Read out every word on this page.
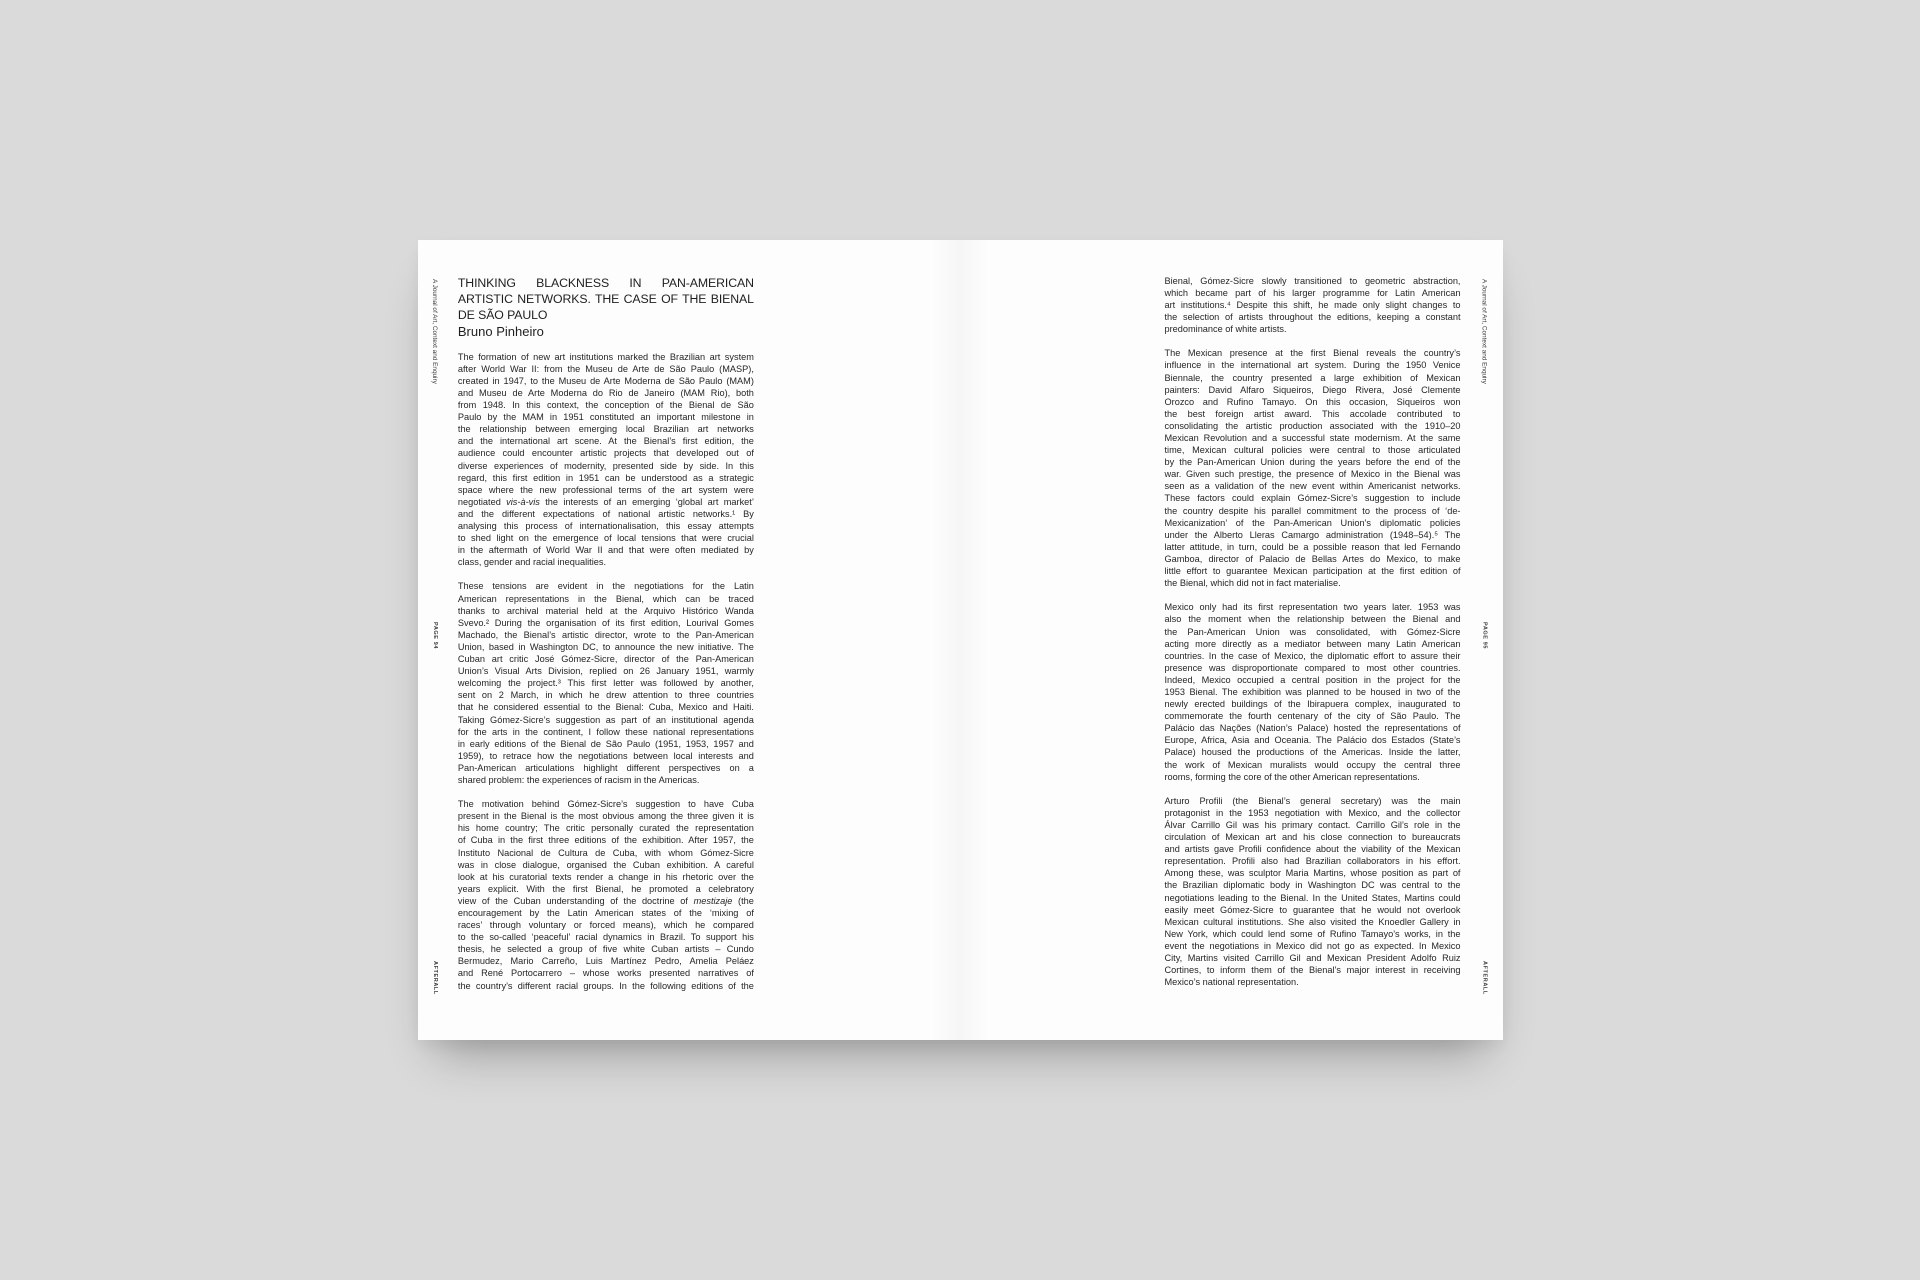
A Journal of Art, Context and Enquiry
PAGE 94
AFTERALL
THINKING BLACKNESS IN PAN-AMERICAN
ARTISTIC NETWORKS. THE CASE OF THE BIENAL
DE SÃO PAULO
Bruno Pinheiro
The formation of new art institutions marked the Brazilian art system
after World War II: from the Museu de Arte de São Paulo (MASP),
created in 1947, to the Museu de Arte Moderna de São Paulo (MAM)
and Museu de Arte Moderna do Rio de Janeiro (MAM Rio), both
from 1948. In this context, the conception of the Bienal de São
Paulo by the MAM in 1951 constituted an important milestone in
the relationship between emerging local Brazilian art networks
and the international art scene. At the Bienal’s first edition, the
audience could encounter artistic projects that developed out of
diverse experiences of modernity, presented side by side. In this
regard, this first edition in 1951 can be understood as a strategic
space where the new professional terms of the art system were
negotiated vis-à-vis the interests of an emerging ‘global art market’
and the different expectations of national artistic networks.¹ By
analysing this process of internationalisation, this essay attempts
to shed light on the emergence of local tensions that were crucial
in the aftermath of World War II and that were often mediated by
class, gender and racial inequalities.
These tensions are evident in the negotiations for the Latin
American representations in the Bienal, which can be traced
thanks to archival material held at the Arquivo Histórico Wanda
Svevo.² During the organisation of its first edition, Lourival Gomes
Machado, the Bienal’s artistic director, wrote to the Pan-American
Union, based in Washington DC, to announce the new initiative. The
Cuban art critic José Gómez-Sicre, director of the Pan-American
Union’s Visual Arts Division, replied on 26 January 1951, warmly
welcoming the project.³ This first letter was followed by another,
sent on 2 March, in which he drew attention to three countries
that he considered essential to the Bienal: Cuba, Mexico and Haiti.
Taking Gómez-Sicre’s suggestion as part of an institutional agenda
for the arts in the continent, I follow these national representations
in early editions of the Bienal de São Paulo (1951, 1953, 1957 and
1959), to retrace how the negotiations between local interests and
Pan-American articulations highlight different perspectives on a
shared problem: the experiences of racism in the Americas.
The motivation behind Gómez-Sicre’s suggestion to have Cuba
present in the Bienal is the most obvious among the three given it is
his home country; The critic personally curated the representation
of Cuba in the first three editions of the exhibition. After 1957, the
Instituto Nacional de Cultura de Cuba, with whom Gómez-Sicre
was in close dialogue, organised the Cuban exhibition. A careful
look at his curatorial texts render a change in his rhetoric over the
years explicit. With the first Bienal, he promoted a celebratory
view of the Cuban understanding of the doctrine of mestizaje (the
encouragement by the Latin American states of the ‘mixing of
races’ through voluntary or forced means), which he compared
to the so-called ‘peaceful’ racial dynamics in Brazil. To support his
thesis, he selected a group of five white Cuban artists – Cundo
Bermudez, Mario Carreño, Luis Martínez Pedro, Amelia Peláez
and René Portocarrero – whose works presented narratives of
the country’s different racial groups. In the following editions of the
A Journal of Art, Context and Enquiry
PAGE 95
AFTERALL
Bienal, Gómez-Sicre slowly transitioned to geometric abstraction,
which became part of his larger programme for Latin American
art institutions.⁴ Despite this shift, he made only slight changes to
the selection of artists throughout the editions, keeping a constant
predominance of white artists.
The Mexican presence at the first Bienal reveals the country’s
influence in the international art system. During the 1950 Venice
Biennale, the country presented a large exhibition of Mexican
painters: David Alfaro Siqueiros, Diego Rivera, José Clemente
Orozco and Rufino Tamayo. On this occasion, Siqueiros won
the best foreign artist award. This accolade contributed to
consolidating the artistic production associated with the 1910–20
Mexican Revolution and a successful state modernism. At the same
time, Mexican cultural policies were central to those articulated
by the Pan-American Union during the years before the end of the
war. Given such prestige, the presence of Mexico in the Bienal was
seen as a validation of the new event within Americanist networks.
These factors could explain Gómez-Sicre’s suggestion to include
the country despite his parallel commitment to the process of ‘de-
Mexicanization’ of the Pan-American Union’s diplomatic policies
under the Alberto Lleras Camargo administration (1948–54).⁵ The
latter attitude, in turn, could be a possible reason that led Fernando
Gamboa, director of Palacio de Bellas Artes do Mexico, to make
little effort to guarantee Mexican participation at the first edition of
the Bienal, which did not in fact materialise.
Mexico only had its first representation two years later. 1953 was
also the moment when the relationship between the Bienal and
the Pan-American Union was consolidated, with Gómez-Sicre
acting more directly as a mediator between many Latin American
countries. In the case of Mexico, the diplomatic effort to assure their
presence was disproportionate compared to most other countries.
Indeed, Mexico occupied a central position in the project for the
1953 Bienal. The exhibition was planned to be housed in two of the
newly erected buildings of the Ibirapuera complex, inaugurated to
commemorate the fourth centenary of the city of São Paulo. The
Palácio das Nações (Nation’s Palace) hosted the representations of
Europe, Africa, Asia and Oceania. The Palácio dos Estados (State’s
Palace) housed the productions of the Americas. Inside the latter,
the work of Mexican muralists would occupy the central three
rooms, forming the core of the other American representations.
Arturo Profili (the Bienal’s general secretary) was the main
protagonist in the 1953 negotiation with Mexico, and the collector
Álvar Carrillo Gil was his primary contact. Carrillo Gil’s role in the
circulation of Mexican art and his close connection to bureaucrats
and artists gave Profili confidence about the viability of the Mexican
representation. Profili also had Brazilian collaborators in his effort.
Among these, was sculptor Maria Martins, whose position as part of
the Brazilian diplomatic body in Washington DC was central to the
negotiations leading to the Bienal. In the United States, Martins could
easily meet Gómez-Sicre to guarantee that he would not overlook
Mexican cultural institutions. She also visited the Knoedler Gallery in
New York, which could lend some of Rufino Tamayo’s works, in the
event the negotiations in Mexico did not go as expected. In Mexico
City, Martins visited Carrillo Gil and Mexican President Adolfo Ruiz
Cortines, to inform them of the Bienal’s major interest in receiving
Mexico’s national representation.
